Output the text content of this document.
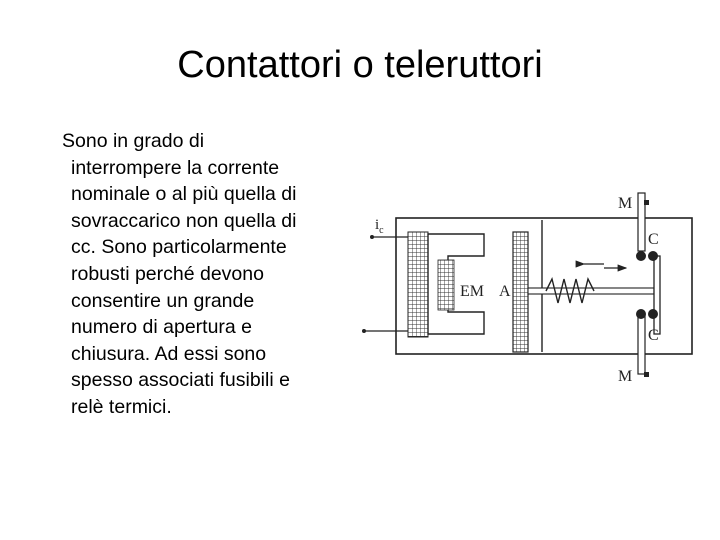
Contattori o teleruttori
Sono in grado di
interrompere la corrente
nominale o al più quella di
sovraccarico non quella di
cc. Sono particolarmente
robusti perché devono
consentire un grande
numero di apertura e
chiusura. Ad essi sono
spesso associati fusibili e
relè termici.
$i_c$
EM A
C
M
C
M
